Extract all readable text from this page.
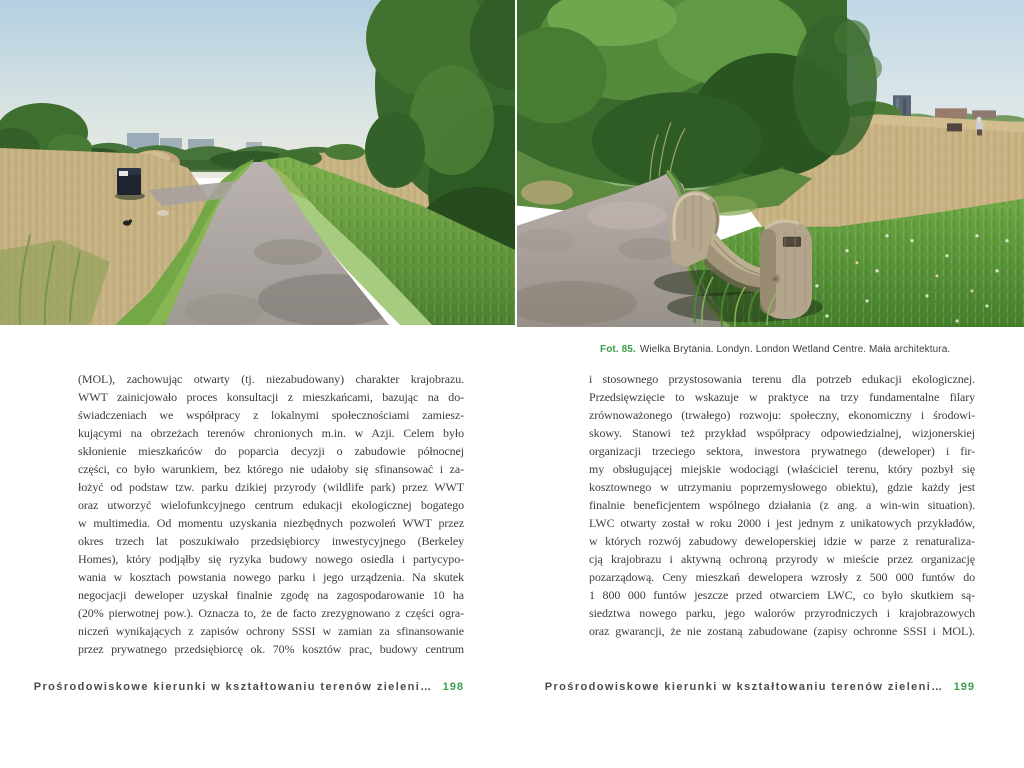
Fot. 85. Wielka Brytania. Londyn. London Wetland Centre. Mała architektura.
(MOL), zachowując otwarty (tj. niezabudowany) charakter krajobrazu.
WWT zainicjowało proces konsultacji z mieszkańcami, bazując na do-
świadczeniach we współpracy z lokalnymi społecznościami zamiesz-
kującymi na obrzeżach terenów chronionych m.in. w Azji. Celem było
skłonienie mieszkańców do poparcia decyzji o zabudowie północnej
części, co było warunkiem, bez którego nie udałoby się sfinansować i za-
łożyć od podstaw tzw. parku dzikiej przyrody (wildlife park) przez WWT
oraz utworzyć wielofunkcyjnego centrum edukacji ekologicznej bogatego
w multimedia. Od momentu uzyskania niezbędnych pozwoleń WWT przez
okres trzech lat poszukiwało przedsiębiorcy inwestycyjnego (Berkeley
Homes), który podjąłby się ryzyka budowy nowego osiedla i partycypo-
wania w kosztach powstania nowego parku i jego urządzenia. Na skutek
negocjacji deweloper uzyskał finalnie zgodę na zagospodarowanie 10 ha
(20% pierwotnej pow.). Oznacza to, że de facto zrezygnowano z części ogra-
niczeń wynikających z zapisów ochrony SSSI w zamian za sfinansowanie
przez prywatnego przedsiębiorcę ok. 70% kosztów prac, budowy centrum
i stosownego przystosowania terenu dla potrzeb edukacji ekologicznej.
Przedsięwzięcie to wskazuje w praktyce na trzy fundamentalne filary
zrównoważonego (trwałego) rozwoju: społeczny, ekonomiczny i środowi-
skowy. Stanowi też przykład współpracy odpowiedzialnej, wizjonerskiej
organizacji trzeciego sektora, inwestora prywatnego (deweloper) i fir-
my obsługującej miejskie wodociągi (właściciel terenu, który pozbył się
kosztownego w utrzymaniu poprzemysłowego obiektu), gdzie każdy jest
finalnie beneficjentem wspólnego działania (z ang. a win-win situation).
LWC otwarty został w roku 2000 i jest jednym z unikatowych przykładów,
w których rozwój zabudowy deweloperskiej idzie w parze z renaturaliza-
cją krajobrazu i aktywną ochroną przyrody w mieście przez organizację
pozarządową. Ceny mieszkań dewelopera wzrosły z 500 000 funtów do
1 800 000 funtów jeszcze przed otwarciem LWC, co było skutkiem są-
siedztwa nowego parku, jego walorów przyrodniczych i krajobrazowych
oraz gwarancji, że nie zostaną zabudowane (zapisy ochronne SSSI i MOL).
Prośrodowiskowe kierunki w kształtowaniu terenów zieleni… 198	Prośrodowiskowe kierunki w kształtowaniu terenów zieleni… 199
